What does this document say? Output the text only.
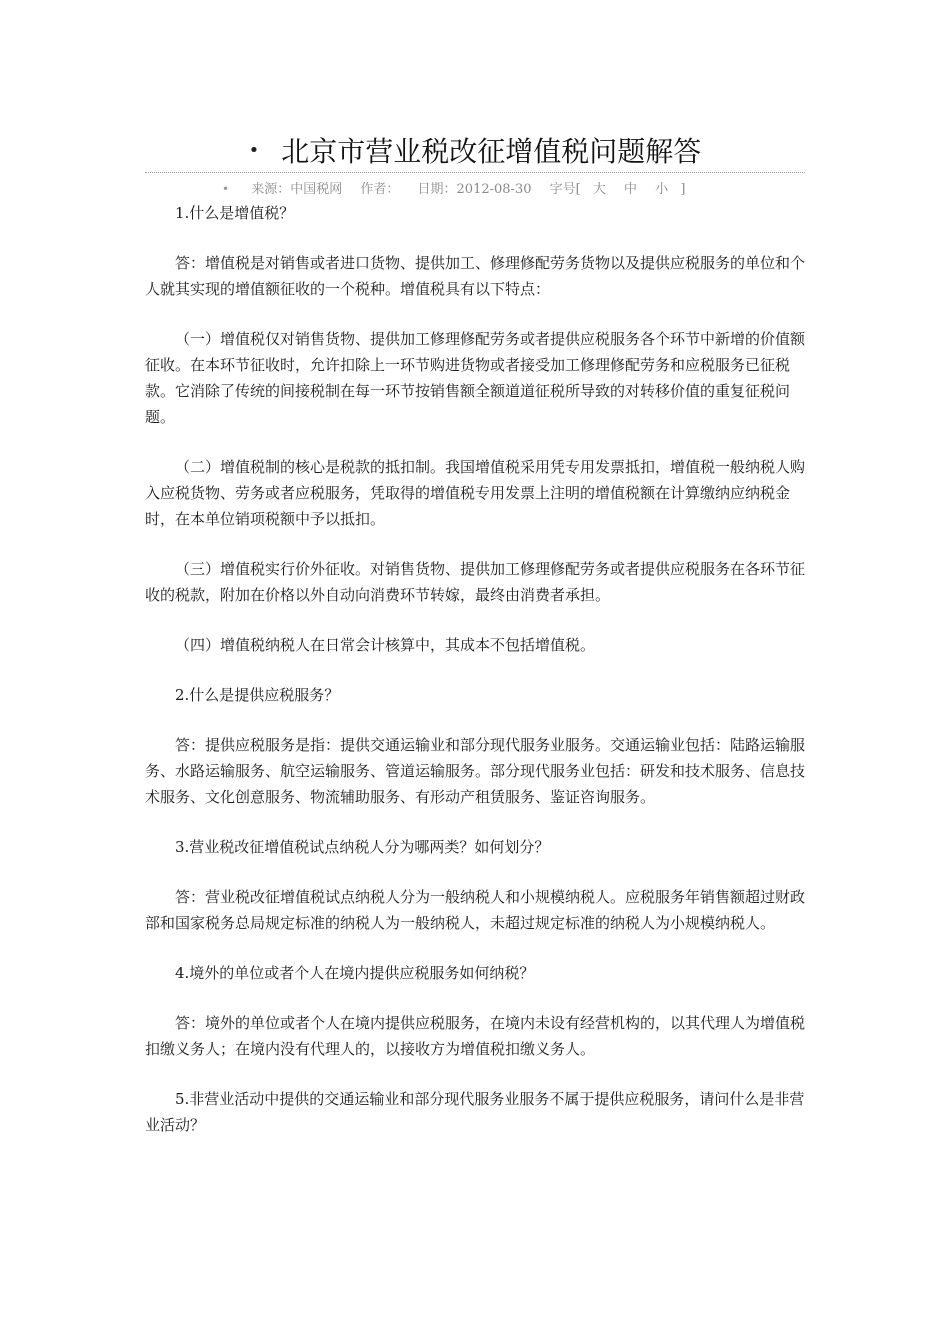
• 北京市营业税改征增值税问题解答
• 来源：中国税网 作者： 日期：2012-08-30 字号[ 大 中 小 ]

1.什么是增值税？

答：增值税是对销售或者进口货物、提供加工、修理修配劳务货物以及提供应税服务的单位和个人就其实现的增值额征收的一个税种。增值税具有以下特点：

（一）增值税仅对销售货物、提供加工修理修配劳务或者提供应税服务各个环节中新增的价值额征收。在本环节征收时，允许扣除上一环节购进货物或者接受加工修理修配劳务和应税服务已征税款。它消除了传统的间接税制在每一环节按销售额全额道道征税所导致的对转移价值的重复征税问题。

（二）增值税制的核心是税款的抵扣制。我国增值税采用凭专用发票抵扣，增值税一般纳税人购入应税货物、劳务或者应税服务，凭取得的增值税专用发票上注明的增值税额在计算缴纳应纳税金时，在本单位销项税额中予以抵扣。

（三）增值税实行价外征收。对销售货物、提供加工修理修配劳务或者提供应税服务在各环节征收的税款，附加在价格以外自动向消费环节转嫁，最终由消费者承担。

（四）增值税纳税人在日常会计核算中，其成本不包括增值税。

2.什么是提供应税服务？

答：提供应税服务是指：提供交通运输业和部分现代服务业服务。交通运输业包括：陆路运输服务、水路运输服务、航空运输服务、管道运输服务。部分现代服务业包括：研发和技术服务、信息技术服务、文化创意服务、物流辅助服务、有形动产租赁服务、鉴证咨询服务。

3.营业税改征增值税试点纳税人分为哪两类？如何划分？

答：营业税改征增值税试点纳税人分为一般纳税人和小规模纳税人。应税服务年销售额超过财政部和国家税务总局规定标准的纳税人为一般纳税人，未超过规定标准的纳税人为小规模纳税人。

4.境外的单位或者个人在境内提供应税服务如何纳税？

答：境外的单位或者个人在境内提供应税服务，在境内未设有经营机构的，以其代理人为增值税扣缴义务人；在境内没有代理人的，以接收方为增值税扣缴义务人。

5.非营业活动中提供的交通运输业和部分现代服务业服务不属于提供应税服务，请问什么是非营业活动？
